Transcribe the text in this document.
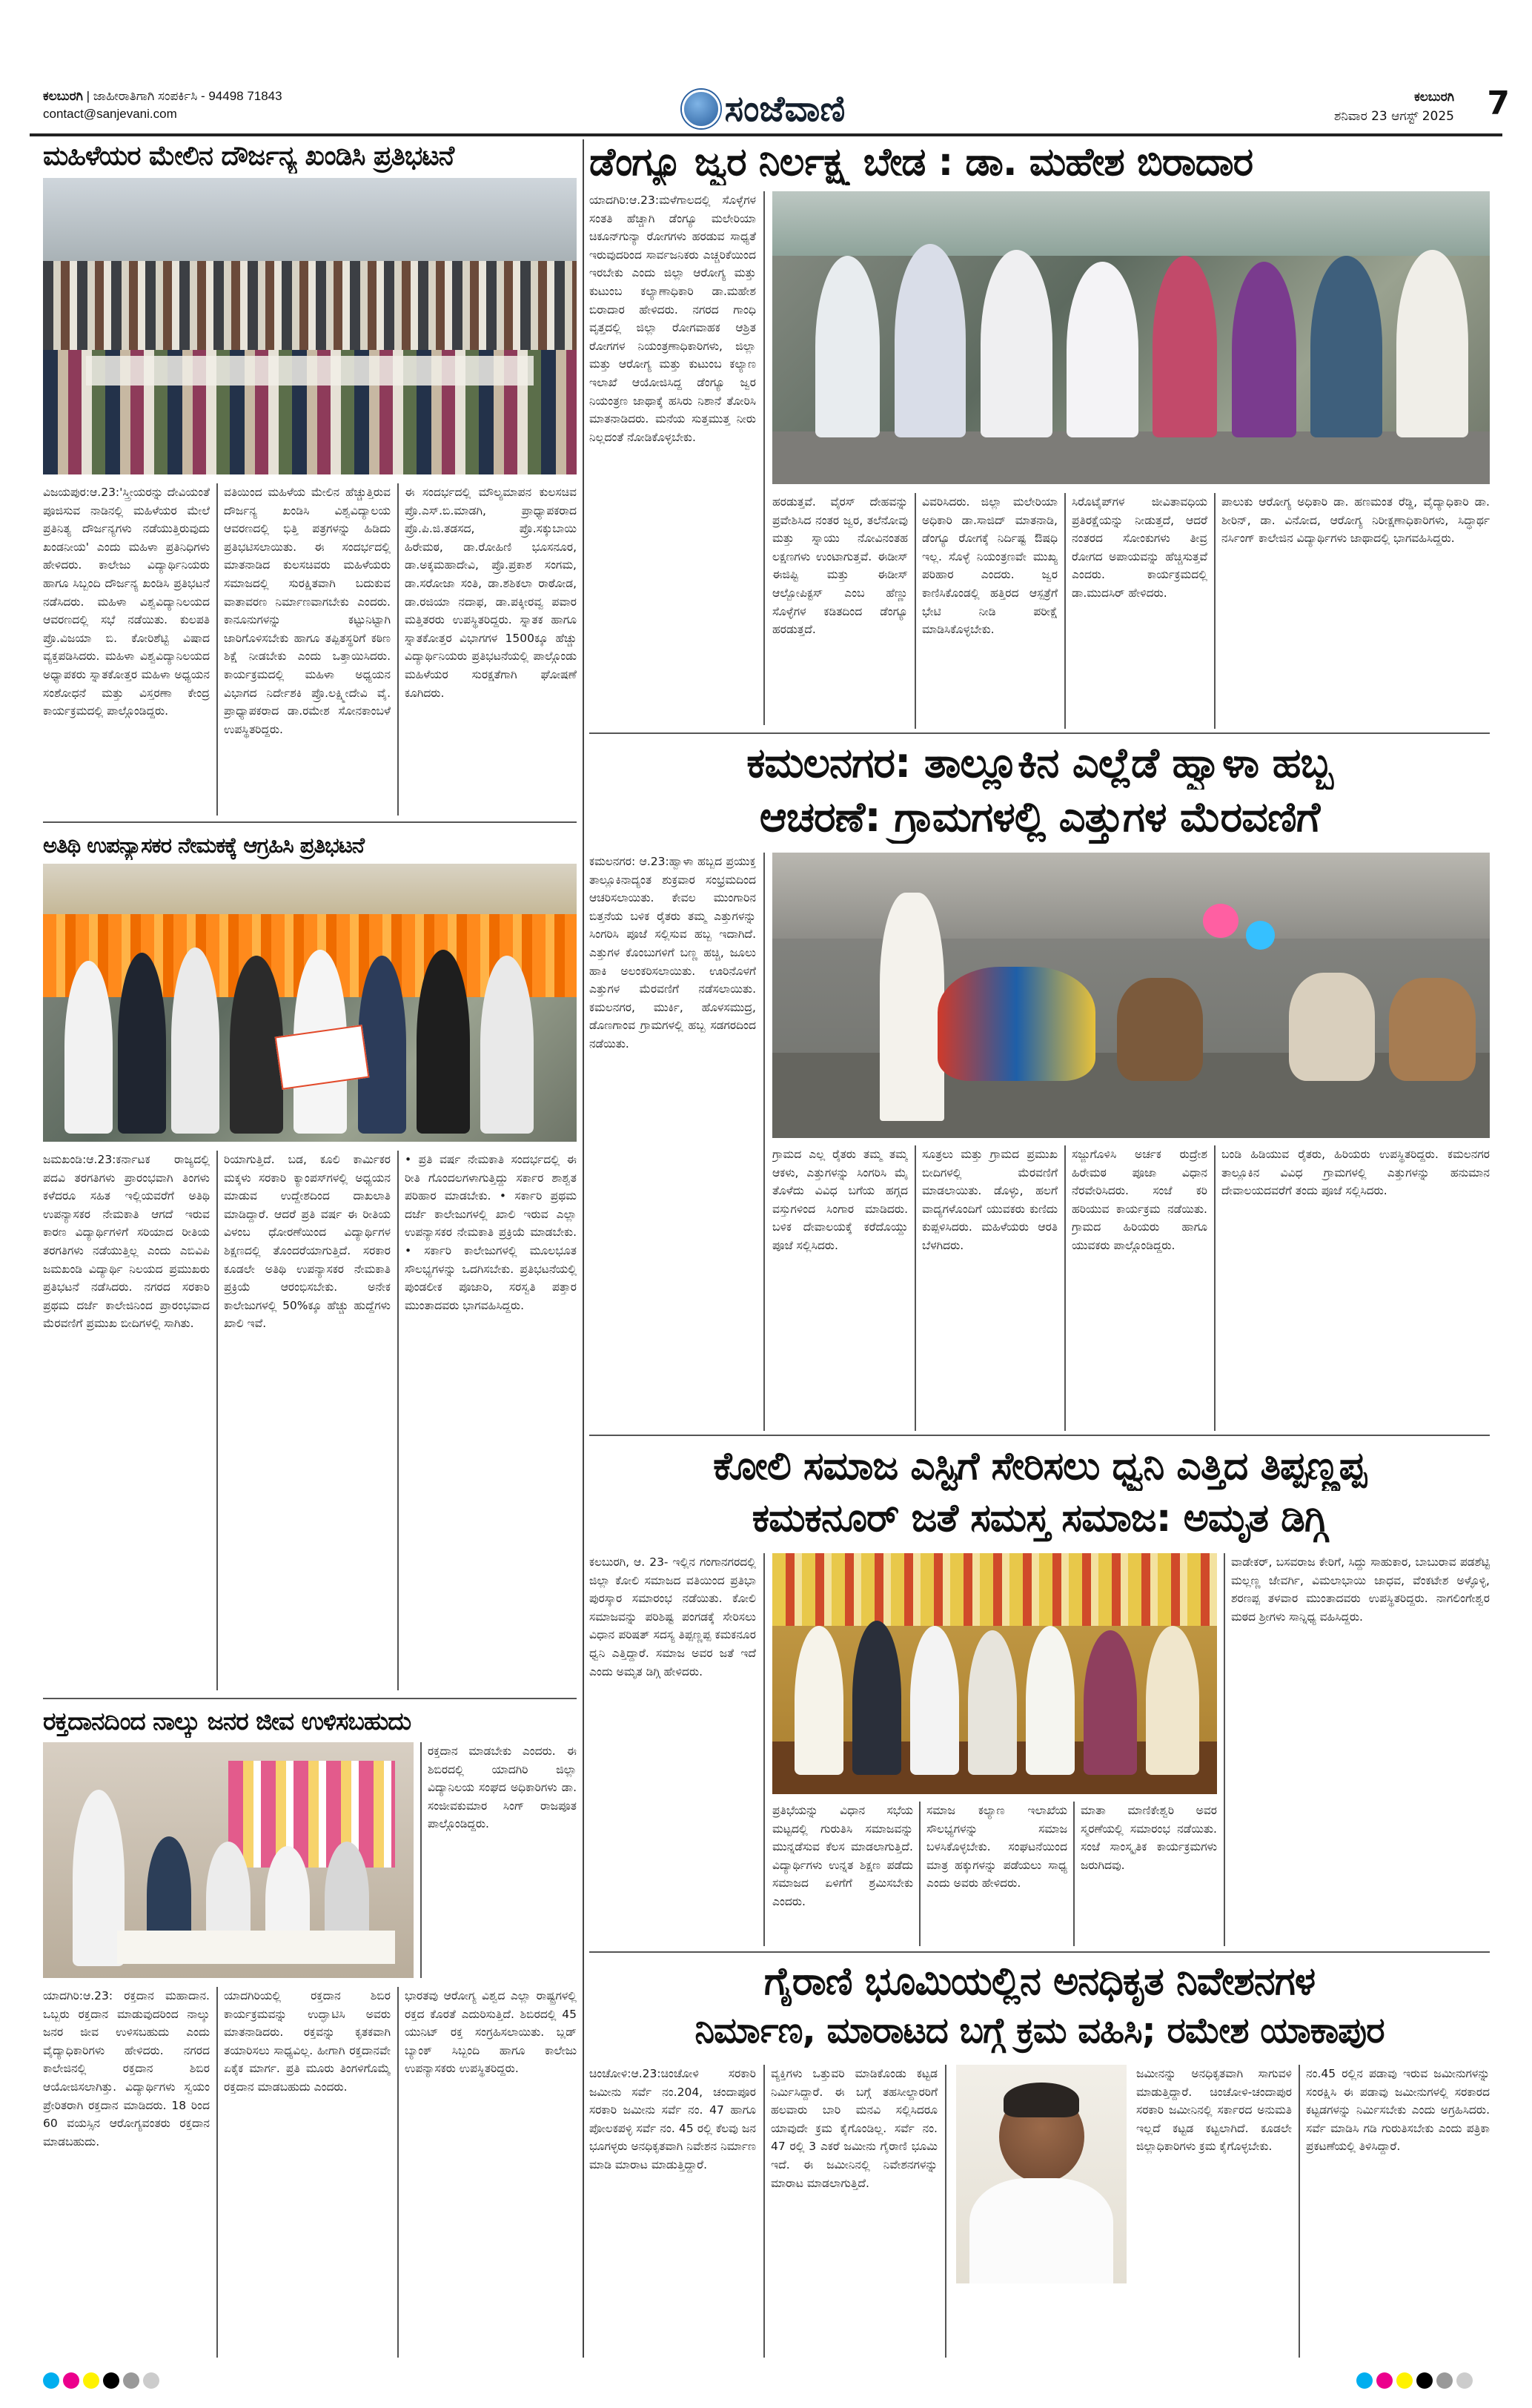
ಕಲಬುರಗಿ | ಜಾಹೀರಾತಿಗಾಗಿ ಸಂಪರ್ಕಿಸಿ - 94498 71843
contact@sanjevani.com	ಸಂಜೆವಾಣಿ	ಕಲಬುರಗಿ
ಶನಿವಾರ 23 ಆಗಸ್ಟ್ 2025 7
ಮಹಿಳೆಯರ ಮೇಲಿನ ದೌರ್ಜನ್ಯ ಖಂಡಿಸಿ ಪ್ರತಿಭಟನೆ
ವಿಜಯಪುರ:ಆ.23:'ಸ್ತ್ರೀಯರನ್ನು ದೇವಿಯಂತೆ ಪೂಜಿಸುವ ನಾಡಿನಲ್ಲಿ ಮಹಿಳೆಯರ ಮೇಲೆ ಪ್ರತಿನಿತ್ಯ ದೌರ್ಜನ್ಯಗಳು ನಡೆಯುತ್ತಿರುವುದು ಖಂಡನೀಯ' ಎಂದು ಮಹಿಳಾ ಪ್ರತಿನಿಧಿಗಳು ಹೇಳಿದರು. ಕಾಲೇಜು ವಿದ್ಯಾರ್ಥಿನಿಯರು ಹಾಗೂ ಸಿಬ್ಬಂದಿ ದೌರ್ಜನ್ಯ ಖಂಡಿಸಿ ಪ್ರತಿಭಟನೆ ನಡೆಸಿದರು. ಮಹಿಳಾ ವಿಶ್ವವಿದ್ಯಾನಿಲಯದ ಆವರಣದಲ್ಲಿ ಸಭೆ ನಡೆಯಿತು. ಕುಲಪತಿ ಪ್ರೊ.ವಿಜಯಾ ಬಿ. ಕೋರಿಶೆಟ್ಟಿ ವಿಷಾದ ವ್ಯಕ್ತಪಡಿಸಿದರು. ಮಹಿಳಾ ವಿಶ್ವವಿದ್ಯಾನಿಲಯದ ಅಧ್ಯಾಪಕರು ಸ್ನಾತಕೋತ್ತರ ಮಹಿಳಾ ಅಧ್ಯಯನ ಸಂಶೋಧನೆ ಮತ್ತು ವಿಸ್ತರಣಾ ಕೇಂದ್ರ ಕಾರ್ಯಕ್ರಮದಲ್ಲಿ ಪಾಲ್ಗೊಂಡಿದ್ದರು.
ವತಿಯಿಂದ ಮಹಿಳೆಯ ಮೇಲಿನ ಹೆಚ್ಚುತ್ತಿರುವ ದೌರ್ಜನ್ಯ ಖಂಡಿಸಿ ವಿಶ್ವವಿದ್ಯಾಲಯ ಆವರಣದಲ್ಲಿ ಭಿತ್ತಿ ಪತ್ರಗಳನ್ನು ಹಿಡಿದು ಪ್ರತಿಭಟಿಸಲಾಯಿತು. ಈ ಸಂದರ್ಭದಲ್ಲಿ ಮಾತನಾಡಿದ ಕುಲಸಚಿವರು ಮಹಿಳೆಯರು ಸಮಾಜದಲ್ಲಿ ಸುರಕ್ಷಿತವಾಗಿ ಬದುಕುವ ವಾತಾವರಣ ನಿರ್ಮಾಣವಾಗಬೇಕು ಎಂದರು. ಕಾನೂನುಗಳನ್ನು ಕಟ್ಟುನಿಟ್ಟಾಗಿ ಜಾರಿಗೊಳಿಸಬೇಕು ಹಾಗೂ ತಪ್ಪಿತಸ್ಥರಿಗೆ ಕಠಿಣ ಶಿಕ್ಷೆ ನೀಡಬೇಕು ಎಂದು ಒತ್ತಾಯಿಸಿದರು. ಕಾರ್ಯಕ್ರಮದಲ್ಲಿ ಮಹಿಳಾ ಅಧ್ಯಯನ ವಿಭಾಗದ ನಿರ್ದೇಶಕಿ ಪ್ರೊ.ಲಕ್ಷ್ಮೀದೇವಿ ವೈ. ಪ್ರಾಧ್ಯಾಪಕರಾದ ಡಾ.ರಮೇಶ ಸೋನಕಾಂಬಳೆ ಉಪಸ್ಥಿತರಿದ್ದರು.
ಈ ಸಂದರ್ಭದಲ್ಲಿ ಮೌಲ್ಯಮಾಪನ ಕುಲಸಚಿವ ಪ್ರೊ.ಎಸ್.ಬಿ.ಮಾಡಗಿ, ಪ್ರಾಧ್ಯಾಪಕರಾದ ಪ್ರೊ.ಪಿ.ಜಿ.ತಡಸದ, ಪ್ರೊ.ಸಕ್ಕುಬಾಯಿ ಹಿರೇಮಠ, ಡಾ.ರೋಹಿಣಿ ಭೂಸನೂರ, ಡಾ.ಅಕ್ಕಮಹಾದೇವಿ, ಪ್ರೊ.ಪ್ರಕಾಶ ಸಂಗಮ, ಡಾ.ಸರೋಜಾ ಸಂತಿ, ಡಾ.ಶಶಿಕಲಾ ರಾಠೋಡ, ಡಾ.ರಜಿಯಾ ನದಾಫ, ಡಾ.ಪಕ್ಕೀರವ್ವ ಪವಾರ ಮತ್ತಿತರರು ಉಪಸ್ಥಿತರಿದ್ದರು. ಸ್ನಾತಕ ಹಾಗೂ ಸ್ನಾತಕೋತ್ತರ ವಿಭಾಗಗಳ 1500ಕ್ಕೂ ಹೆಚ್ಚು ವಿದ್ಯಾರ್ಥಿನಿಯರು ಪ್ರತಿಭಟನೆಯಲ್ಲಿ ಪಾಲ್ಗೊಂಡು ಮಹಿಳೆಯರ ಸುರಕ್ಷತೆಗಾಗಿ ಘೋಷಣೆ ಕೂಗಿದರು.
ಡೆಂಗ್ಯೂ ಜ್ವರ ನಿರ್ಲಕ್ಷ್ಯ ಬೇಡ : ಡಾ. ಮಹೇಶ ಬಿರಾದಾರ
ಯಾದಗಿರಿ:ಆ.23:ಮಳೆಗಾಲದಲ್ಲಿ ಸೊಳ್ಳೆಗಳ ಸಂತತಿ ಹೆಚ್ಚಾಗಿ ಡೆಂಗ್ಯೂ ಮಲೇರಿಯಾ ಚಿಕೂನ್‍ಗುನ್ಯಾ ರೋಗಗಳು ಹರಡುವ ಸಾಧ್ಯತೆ ಇರುವುದರಿಂದ ಸಾರ್ವಜನಿಕರು ಎಚ್ಚರಿಕೆಯಿಂದ ಇರಬೇಕು ಎಂದು ಜಿಲ್ಲಾ ಆರೋಗ್ಯ ಮತ್ತು ಕುಟುಂಬ ಕಲ್ಯಾಣಾಧಿಕಾರಿ ಡಾ.ಮಹೇಶ ಬಿರಾದಾರ ಹೇಳಿದರು. ನಗರದ ಗಾಂಧಿ ವೃತ್ತದಲ್ಲಿ ಜಿಲ್ಲಾ ರೋಗವಾಹಕ ಆಶ್ರಿತ ರೋಗಗಳ ನಿಯಂತ್ರಣಾಧಿಕಾರಿಗಳು, ಜಿಲ್ಲಾ ಮತ್ತು ಆರೋಗ್ಯ ಮತ್ತು ಕುಟುಂಬ ಕಲ್ಯಾಣ ಇಲಾಖೆ ಆಯೋಜಿಸಿದ್ದ ಡೆಂಗ್ಯೂ ಜ್ವರ ನಿಯಂತ್ರಣ ಜಾಥಾಕ್ಕೆ ಹಸಿರು ನಿಶಾನೆ ತೋರಿಸಿ ಮಾತನಾಡಿದರು. ಮನೆಯ ಸುತ್ತಮುತ್ತ ನೀರು ನಿಲ್ಲದಂತೆ ನೋಡಿಕೊಳ್ಳಬೇಕು.
ಹರಡುತ್ತವೆ. ವೈರಸ್ ದೇಹವನ್ನು ಪ್ರವೇಶಿಸಿದ ನಂತರ ಜ್ವರ, ತಲೆನೋವು ಮತ್ತು ಸ್ನಾಯು ನೋವಿನಂತಹ ಲಕ್ಷಣಗಳು ಉಂಟಾಗುತ್ತವೆ. ಈಡೀಸ್ ಈಜಿಪ್ಟಿ ಮತ್ತು ಈಡೀಸ್ ಆಲ್ಬೋಪಿಕ್ಟಸ್ ಎಂಬ ಹೆಣ್ಣು ಸೊಳ್ಳೆಗಳ ಕಡಿತದಿಂದ ಡೆಂಗ್ಯೂ ಹರಡುತ್ತದೆ.
ವಿವರಿಸಿದರು. ಜಿಲ್ಲಾ ಮಲೇರಿಯಾ ಅಧಿಕಾರಿ ಡಾ.ಸಾಜಿದ್ ಮಾತನಾಡಿ, ಡೆಂಗ್ಯೂ ರೋಗಕ್ಕೆ ನಿರ್ದಿಷ್ಟ ಔಷಧಿ ಇಲ್ಲ. ಸೊಳ್ಳೆ ನಿಯಂತ್ರಣವೇ ಮುಖ್ಯ ಪರಿಹಾರ ಎಂದರು. ಜ್ವರ ಕಾಣಿಸಿಕೊಂಡಲ್ಲಿ ಹತ್ತಿರದ ಆಸ್ಪತ್ರೆಗೆ ಭೇಟಿ ನೀಡಿ ಪರೀಕ್ಷೆ ಮಾಡಿಸಿಕೊಳ್ಳಬೇಕು.
ಸಿರೊಟೈಪ್‍ಗಳ ಜೀವಿತಾವಧಿಯ ಪ್ರತಿರಕ್ಷೆಯನ್ನು ನೀಡುತ್ತದೆ, ಆದರೆ ನಂತರದ ಸೋಂಕುಗಳು ತೀವ್ರ ರೋಗದ ಅಪಾಯವನ್ನು ಹೆಚ್ಚಿಸುತ್ತವೆ ಎಂದರು. ಕಾರ್ಯಕ್ರಮದಲ್ಲಿ ಡಾ.ಮುದಸಿರ್ ಹೇಳಿದರು.
ಪಾಲುಕು ಆರೋಗ್ಯ ಅಧಿಕಾರಿ ಡಾ. ಹಣಮಂತ ರೆಡ್ಡಿ, ವೈದ್ಯಾಧಿಕಾರಿ ಡಾ. ಶೀರಿನ್, ಡಾ. ವಿನೋದ, ಆರೋಗ್ಯ ನಿರೀಕ್ಷಣಾಧಿಕಾರಿಗಳು, ಸಿದ್ಧಾರ್ಥ ನರ್ಸಿಂಗ್ ಕಾಲೇಜಿನ ವಿದ್ಯಾರ್ಥಿಗಳು ಜಾಥಾದಲ್ಲಿ ಭಾಗವಹಿಸಿದ್ದರು.
ಕಮಲನಗರ: ತಾಲ್ಲೂಕಿನ ಎಲ್ಲೆಡೆ ಹ್ವಾಳಾ ಹಬ್ಬ
ಆಚರಣೆ: ಗ್ರಾಮಗಳಲ್ಲಿ ಎತ್ತುಗಳ ಮೆರವಣಿಗೆ
ಕಮಲನಗರ: ಆ.23:ಹ್ವಾಳಾ ಹಬ್ಬದ ಪ್ರಯುಕ್ತ ತಾಲ್ಲೂಕಿನಾದ್ಯಂತ ಶುಕ್ರವಾರ ಸಂಭ್ರಮದಿಂದ ಆಚರಿಸಲಾಯಿತು. ಕೇವಲ ಮುಂಗಾರಿನ ಬಿತ್ತನೆಯ ಬಳಿಕ ರೈತರು ತಮ್ಮ ಎತ್ತುಗಳನ್ನು ಸಿಂಗರಿಸಿ ಪೂಜೆ ಸಲ್ಲಿಸುವ ಹಬ್ಬ ಇದಾಗಿದೆ. ಎತ್ತುಗಳ ಕೊಂಬುಗಳಿಗೆ ಬಣ್ಣ ಹಚ್ಚಿ, ಜೂಲು ಹಾಕಿ ಅಲಂಕರಿಸಲಾಯಿತು. ಊರಿನೊಳಗೆ ಎತ್ತುಗಳ ಮೆರವಣಿಗೆ ನಡೆಸಲಾಯಿತು. ಕಮಲನಗರ, ಮುರ್ಕಿ, ಹೊಳಸಮುದ್ರ, ಡೊಣಗಾಂವ ಗ್ರಾಮಗಳಲ್ಲಿ ಹಬ್ಬ ಸಡಗರದಿಂದ ನಡೆಯಿತು.
ಗ್ರಾಮದ ಎಲ್ಲ ರೈತರು ತಮ್ಮ ತಮ್ಮ ಆಕಳು, ಎತ್ತುಗಳನ್ನು ಸಿಂಗರಿಸಿ ಮೈ ತೊಳೆದು ವಿವಿಧ ಬಗೆಯ ಹಗ್ಗದ ವಸ್ತುಗಳಿಂದ ಸಿಂಗಾರ ಮಾಡಿದರು. ಬಳಿಕ ದೇವಾಲಯಕ್ಕೆ ಕರೆದೊಯ್ದು ಪೂಜೆ ಸಲ್ಲಿಸಿದರು.
ಸೂತ್ರಲು ಮತ್ತು ಗ್ರಾಮದ ಪ್ರಮುಖ ಬೀದಿಗಳಲ್ಲಿ ಮೆರವಣಿಗೆ ಮಾಡಲಾಯಿತು. ಡೊಳ್ಳು, ಹಲಗೆ ವಾದ್ಯಗಳೊಂದಿಗೆ ಯುವಕರು ಕುಣಿದು ಕುಪ್ಪಳಿಸಿದರು. ಮಹಿಳೆಯರು ಆರತಿ ಬೆಳಗಿದರು.
ಸಜ್ಜುಗೊಳಿಸಿ ಅರ್ಚಕ ರುದ್ರೇಶ ಹಿರೇಮಠ ಪೂಜಾ ವಿಧಾನ ನೆರವೇರಿಸಿದರು. ಸಂಜೆ ಕರಿ ಹರಿಯುವ ಕಾರ್ಯಕ್ರಮ ನಡೆಯಿತು. ಗ್ರಾಮದ ಹಿರಿಯರು ಹಾಗೂ ಯುವಕರು ಪಾಲ್ಗೊಂಡಿದ್ದರು.
ಬಂಡಿ ಹಿಡಿಯುವ ರೈತರು, ಹಿರಿಯರು ಉಪಸ್ಥಿತರಿದ್ದರು. ಕಮಲನಗರ ತಾಲ್ಲೂಕಿನ ವಿವಿಧ ಗ್ರಾಮಗಳಲ್ಲಿ ಎತ್ತುಗಳನ್ನು ಹನುಮಾನ ದೇವಾಲಯದವರೆಗೆ ತಂದು ಪೂಜೆ ಸಲ್ಲಿಸಿದರು.
ಅತಿಥಿ ಉಪನ್ಯಾಸಕರ ನೇಮಕಕ್ಕೆ ಆಗ್ರಹಿಸಿ ಪ್ರತಿಭಟನೆ
ಜಮಖಂಡಿ:ಆ.23:ಕರ್ನಾಟಕ ರಾಜ್ಯದಲ್ಲಿ ಪದವಿ ತರಗತಿಗಳು ಪ್ರಾರಂಭವಾಗಿ ತಿಂಗಳು ಕಳೆದರೂ ಸಹಿತ ಇಲ್ಲಿಯವರೆಗೆ ಅತಿಥಿ ಉಪನ್ಯಾಸಕರ ನೇಮಕಾತಿ ಆಗದೆ ಇರುವ ಕಾರಣ ವಿದ್ಯಾರ್ಥಿಗಳಿಗೆ ಸರಿಯಾದ ರೀತಿಯ ತರಗತಿಗಳು ನಡೆಯುತ್ತಿಲ್ಲ ಎಂದು ಎಬಿವಿಪಿ ಜಮಖಂಡಿ ವಿದ್ಯಾರ್ಥಿ ನಿಲಯದ ಪ್ರಮುಖರು ಪ್ರತಿಭಟನೆ ನಡೆಸಿದರು. ನಗರದ ಸರಕಾರಿ ಪ್ರಥಮ ದರ್ಜೆ ಕಾಲೇಜಿನಿಂದ ಪ್ರಾರಂಭವಾದ ಮೆರವಣಿಗೆ ಪ್ರಮುಖ ಬೀದಿಗಳಲ್ಲಿ ಸಾಗಿತು.
ರಿಯಾಗುತ್ತಿದೆ. ಬಡ, ಕೂಲಿ ಕಾರ್ಮಿಕರ ಮಕ್ಕಳು ಸರಕಾರಿ ಕ್ಯಾಂಪಸ್‍ಗಳಲ್ಲಿ ಅಧ್ಯಯನ ಮಾಡುವ ಉದ್ದೇಶದಿಂದ ದಾಖಲಾತಿ ಮಾಡಿದ್ದಾರೆ. ಆದರೆ ಪ್ರತಿ ವರ್ಷ ಈ ರೀತಿಯ ವಿಳಂಬ ಧೋರಣೆಯಿಂದ ವಿದ್ಯಾರ್ಥಿಗಳ ಶಿಕ್ಷಣದಲ್ಲಿ ತೊಂದರೆಯಾಗುತ್ತಿದೆ. ಸರಕಾರ ಕೂಡಲೇ ಅತಿಥಿ ಉಪನ್ಯಾಸಕರ ನೇಮಕಾತಿ ಪ್ರಕ್ರಿಯೆ ಆರಂಭಿಸಬೇಕು. ಅನೇಕ ಕಾಲೇಜುಗಳಲ್ಲಿ 50%ಕ್ಕೂ ಹೆಚ್ಚು ಹುದ್ದೆಗಳು ಖಾಲಿ ಇವೆ.
• ಪ್ರತಿ ವರ್ಷ ನೇಮಕಾತಿ ಸಂದರ್ಭದಲ್ಲಿ ಈ ರೀತಿ ಗೊಂದಲಗಳಾಗುತ್ತಿದ್ದು ಸರ್ಕಾರ ಶಾಶ್ವತ ಪರಿಹಾರ ಮಾಡಬೇಕು. • ಸರ್ಕಾರಿ ಪ್ರಥಮ ದರ್ಜೆ ಕಾಲೇಜುಗಳಲ್ಲಿ ಖಾಲಿ ಇರುವ ಎಲ್ಲಾ ಉಪನ್ಯಾಸಕರ ನೇಮಕಾತಿ ಪ್ರಕ್ರಿಯೆ ಮಾಡಬೇಕು. • ಸರ್ಕಾರಿ ಕಾಲೇಜುಗಳಲ್ಲಿ ಮೂಲಭೂತ ಸೌಲಭ್ಯಗಳನ್ನು ಒದಗಿಸಬೇಕು. ಪ್ರತಿಭಟನೆಯಲ್ಲಿ ಪುಂಡಲೀಕ ಪೂಜಾರಿ, ಸರಸ್ವತಿ ಪತ್ತಾರ ಮುಂತಾದವರು ಭಾಗವಹಿಸಿದ್ದರು.
ಕೋಲಿ ಸಮಾಜ ಎಸ್ಟಿಗೆ ಸೇರಿಸಲು ಧ್ವನಿ ಎತ್ತಿದ ತಿಪ್ಪಣ್ಣಪ್ಪ
ಕಮಕನೂರ್ ಜತೆ ಸಮಸ್ತ ಸಮಾಜ: ಅಮೃತ ಡಿಗ್ಗಿ
ಕಲಬುರಗಿ, ಆ. 23- ಇಲ್ಲಿನ ಗಂಗಾನಗರದಲ್ಲಿ ಜಿಲ್ಲಾ ಕೋಲಿ ಸಮಾಜದ ವತಿಯಿಂದ ಪ್ರತಿಭಾ ಪುರಸ್ಕಾರ ಸಮಾರಂಭ ನಡೆಯಿತು. ಕೋಲಿ ಸಮಾಜವನ್ನು ಪರಿಶಿಷ್ಟ ಪಂಗಡಕ್ಕೆ ಸೇರಿಸಲು ವಿಧಾನ ಪರಿಷತ್ ಸದಸ್ಯ ತಿಪ್ಪಣ್ಣಪ್ಪ ಕಮಕನೂರ ಧ್ವನಿ ಎತ್ತಿದ್ದಾರೆ. ಸಮಾಜ ಅವರ ಜತೆ ಇದೆ ಎಂದು ಅಮೃತ ಡಿಗ್ಗಿ ಹೇಳಿದರು.
ವಾಡೇಕರ್, ಬಸವರಾಜ ಕೇರಿಗೆ, ಸಿದ್ದು ಸಾಹುಕಾರ, ಬಾಬುರಾವ ಪಡಶೆಟ್ಟಿ ಮಲ್ಲಣ್ಣ ಜೇವರ್ಗಿ, ವಿಮಲಾಭಾಯಿ ಜಾಧವ, ವೆಂಕಟೇಶ ಅಳ್ಳೊಳ್ಳಿ, ಶರಣಪ್ಪ ತಳವಾರ ಮುಂತಾದವರು ಉಪಸ್ಥಿತರಿದ್ದರು. ನಾಗಲಿಂಗೇಶ್ವರ ಮಠದ ಶ್ರೀಗಳು ಸಾನ್ನಿಧ್ಯ ವಹಿಸಿದ್ದರು.
ಪ್ರತಿಭೆಯನ್ನು ವಿಧಾನ ಸಭೆಯ ಮಟ್ಟದಲ್ಲಿ ಗುರುತಿಸಿ ಸಮಾಜವನ್ನು ಮುನ್ನಡೆಸುವ ಕೆಲಸ ಮಾಡಲಾಗುತ್ತಿದೆ. ವಿದ್ಯಾರ್ಥಿಗಳು ಉನ್ನತ ಶಿಕ್ಷಣ ಪಡೆದು ಸಮಾಜದ ಏಳಿಗೆಗೆ ಶ್ರಮಿಸಬೇಕು ಎಂದರು.
ಸಮಾಜ ಕಲ್ಯಾಣ ಇಲಾಖೆಯ ಸೌಲಭ್ಯಗಳನ್ನು ಸಮಾಜ ಬಳಸಿಕೊಳ್ಳಬೇಕು. ಸಂಘಟನೆಯಿಂದ ಮಾತ್ರ ಹಕ್ಕುಗಳನ್ನು ಪಡೆಯಲು ಸಾಧ್ಯ ಎಂದು ಅವರು ಹೇಳಿದರು.
ಮಾತಾ ಮಾಣಿಕೇಶ್ವರಿ ಅವರ ಸ್ಮರಣೆಯಲ್ಲಿ ಸಮಾರಂಭ ನಡೆಯಿತು. ಸಂಜೆ ಸಾಂಸ್ಕೃತಿಕ ಕಾರ್ಯಕ್ರಮಗಳು ಜರುಗಿದವು.
ರಕ್ತದಾನದಿಂದ ನಾಲ್ಕು ಜನರ ಜೀವ ಉಳಿಸಬಹುದು
ರಕ್ತದಾನ ಮಾಡಬೇಕು ಎಂದರು. ಈ ಶಿಬಿರದಲ್ಲಿ ಯಾದಗಿರಿ ಜಿಲ್ಲಾ ವಿದ್ಯಾನಿಲಯ ಸಂಘದ ಅಧಿಕಾರಿಗಳು ಡಾ. ಸಂಜೀವಕುಮಾರ ಸಿಂಗ್ ರಾಜಪೂತ ಪಾಲ್ಗೊಂಡಿದ್ದರು.
ಯಾದಗಿರಿ:ಆ.23: ರಕ್ತದಾನ ಮಹಾದಾನ. ಒಬ್ಬರು ರಕ್ತದಾನ ಮಾಡುವುದರಿಂದ ನಾಲ್ಕು ಜನರ ಜೀವ ಉಳಿಸಬಹುದು ಎಂದು ವೈದ್ಯಾಧಿಕಾರಿಗಳು ಹೇಳಿದರು. ನಗರದ ಕಾಲೇಜಿನಲ್ಲಿ ರಕ್ತದಾನ ಶಿಬಿರ ಆಯೋಜಿಸಲಾಗಿತ್ತು. ವಿದ್ಯಾರ್ಥಿಗಳು ಸ್ವಯಂ ಪ್ರೇರಿತರಾಗಿ ರಕ್ತದಾನ ಮಾಡಿದರು. 18 ರಿಂದ 60 ವಯಸ್ಸಿನ ಆರೋಗ್ಯವಂತರು ರಕ್ತದಾನ ಮಾಡಬಹುದು.
ಯಾದಗಿರಿಯಲ್ಲಿ ರಕ್ತದಾನ ಶಿಬಿರ ಕಾರ್ಯಕ್ರಮವನ್ನು ಉದ್ಘಾಟಿಸಿ ಅವರು ಮಾತನಾಡಿದರು. ರಕ್ತವನ್ನು ಕೃತಕವಾಗಿ ತಯಾರಿಸಲು ಸಾಧ್ಯವಿಲ್ಲ. ಹೀಗಾಗಿ ರಕ್ತದಾನವೇ ಏಕೈಕ ಮಾರ್ಗ. ಪ್ರತಿ ಮೂರು ತಿಂಗಳಿಗೊಮ್ಮೆ ರಕ್ತದಾನ ಮಾಡಬಹುದು ಎಂದರು.
ಭಾರತವು ಆರೋಗ್ಯ ವಿಶ್ವದ ಎಲ್ಲಾ ರಾಷ್ಟ್ರಗಳಲ್ಲಿ ರಕ್ತದ ಕೊರತೆ ಎದುರಿಸುತ್ತಿದೆ. ಶಿಬಿರದಲ್ಲಿ 45 ಯುನಿಟ್ ರಕ್ತ ಸಂಗ್ರಹಿಸಲಾಯಿತು. ಬ್ಲಡ್ ಬ್ಯಾಂಕ್ ಸಿಬ್ಬಂದಿ ಹಾಗೂ ಕಾಲೇಜು ಉಪನ್ಯಾಸಕರು ಉಪಸ್ಥಿತರಿದ್ದರು.
ಗೈರಾಣಿ ಭೂಮಿಯಲ್ಲಿನ ಅನಧಿಕೃತ ನಿವೇಶನಗಳ
ನಿರ್ಮಾಣ, ಮಾರಾಟದ ಬಗ್ಗೆ ಕ್ರಮ ವಹಿಸಿ; ರಮೇಶ ಯಾಕಾಪುರ
ಚಿಂಚೋಳಿ:ಆ.23:ಚಿಂಚೋಳಿ ಸರಕಾರಿ ಜಮೀನು ಸರ್ವೆ ನಂ.204, ಚಂದಾಪೂರ ಸರಕಾರಿ ಜಮೀನು ಸರ್ವೆ ನಂ. 47 ಹಾಗೂ ಪೋಲಕಪಳ್ಳಿ ಸರ್ವೆ ನಂ. 45 ರಲ್ಲಿ ಕೆಲವು ಜನ ಭೂಗಳ್ಳರು ಅನಧಿಕೃತವಾಗಿ ನಿವೇಶನ ನಿರ್ಮಾಣ ಮಾಡಿ ಮಾರಾಟ ಮಾಡುತ್ತಿದ್ದಾರೆ.
ವ್ಯಕ್ತಿಗಳು ಒತ್ತುವರಿ ಮಾಡಿಕೊಂಡು ಕಟ್ಟಡ ನಿರ್ಮಿಸಿದ್ದಾರೆ. ಈ ಬಗ್ಗೆ ತಹಸೀಲ್ದಾರರಿಗೆ ಹಲವಾರು ಬಾರಿ ಮನವಿ ಸಲ್ಲಿಸಿದರೂ ಯಾವುದೇ ಕ್ರಮ ಕೈಗೊಂಡಿಲ್ಲ. ಸರ್ವೆ ನಂ. 47 ರಲ್ಲಿ 3 ಎಕರೆ ಜಮೀನು ಗೈರಾಣಿ ಭೂಮಿ ಇದೆ. ಈ ಜಮೀನಿನಲ್ಲಿ ನಿವೇಶನಗಳನ್ನು ಮಾರಾಟ ಮಾಡಲಾಗುತ್ತಿದೆ.
ಜಮೀನನ್ನು ಅನಧಿಕೃತವಾಗಿ ಸಾಗುವಳಿ ಮಾಡುತ್ತಿದ್ದಾರೆ. ಚಿಂಚೋಳಿ-ಚಂದಾಪುರ ಸರಕಾರಿ ಜಮೀನಿನಲ್ಲಿ ಸರ್ಕಾರದ ಅನುಮತಿ ಇಲ್ಲದೆ ಕಟ್ಟಡ ಕಟ್ಟಲಾಗಿದೆ. ಕೂಡಲೇ ಜಿಲ್ಲಾಧಿಕಾರಿಗಳು ಕ್ರಮ ಕೈಗೊಳ್ಳಬೇಕು.
ನಂ.45 ರಲ್ಲಿನ ಪಡಾವು ಇರುವ ಜಮೀನುಗಳನ್ನು ಸಂರಕ್ಷಿಸಿ ಈ ಪಡಾವು ಜಮೀನುಗಳಲ್ಲಿ ಸರಕಾರದ ಕಟ್ಟಡಗಳನ್ನು ನಿರ್ಮಿಸಬೇಕು ಎಂದು ಅಗ್ರಹಿಸಿದರು. ಸರ್ವೆ ಮಾಡಿಸಿ ಗಡಿ ಗುರುತಿಸಬೇಕು ಎಂದು ಪತ್ರಿಕಾ ಪ್ರಕಟಣೆಯಲ್ಲಿ ತಿಳಿಸಿದ್ದಾರೆ.
